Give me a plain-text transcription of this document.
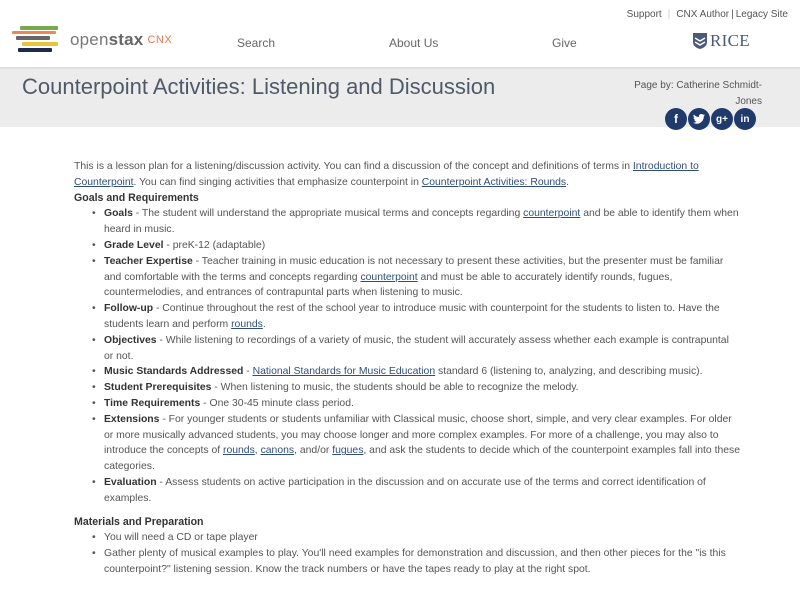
Support | CNX Author | Legacy Site
openstax CNX	Search	About Us	Give	RICE
Counterpoint Activities: Listening and Discussion	Page by: Catherine Schmidt-Jones
f	g+	in

This is a lesson plan for a listening/discussion activity. You can find a discussion of the concept and definitions of terms in Introduction to Counterpoint. You can find singing activities that emphasize counterpoint in Counterpoint Activities: Rounds.

Goals and Requirements
• Goals - The student will understand the appropriate musical terms and concepts regarding counterpoint and be able to identify them when heard in music.
• Grade Level - preK-12 (adaptable)
• Teacher Expertise - Teacher training in music education is not necessary to present these activities, but the presenter must be familiar and comfortable with the terms and concepts regarding counterpoint and must be able to accurately identify rounds, fugues, countermelodies, and entrances of contrapuntal parts when listening to music.
• Follow-up - Continue throughout the rest of the school year to introduce music with counterpoint for the students to listen to. Have the students learn and perform rounds.
• Objectives - While listening to recordings of a variety of music, the student will accurately assess whether each example is contrapuntal or not.
• Music Standards Addressed - National Standards for Music Education standard 6 (listening to, analyzing, and describing music).
• Student Prerequisites - When listening to music, the students should be able to recognize the melody.
• Time Requirements - One 30-45 minute class period.
• Extensions - For younger students or students unfamiliar with Classical music, choose short, simple, and very clear examples. For older or more musically advanced students, you may choose longer and more complex examples. For more of a challenge, you may also to introduce the concepts of rounds, canons, and/or fugues, and ask the students to decide which of the counterpoint examples fall into these categories.
• Evaluation - Assess students on active participation in the discussion and on accurate use of the terms and correct identification of examples.
Materials and Preparation
• You will need a CD or tape player
• Gather plenty of musical examples to play. You'll need examples for demonstration and discussion, and then other pieces for the "is this counterpoint?" listening session. Know the track numbers or have the tapes ready to play at the right spot.
